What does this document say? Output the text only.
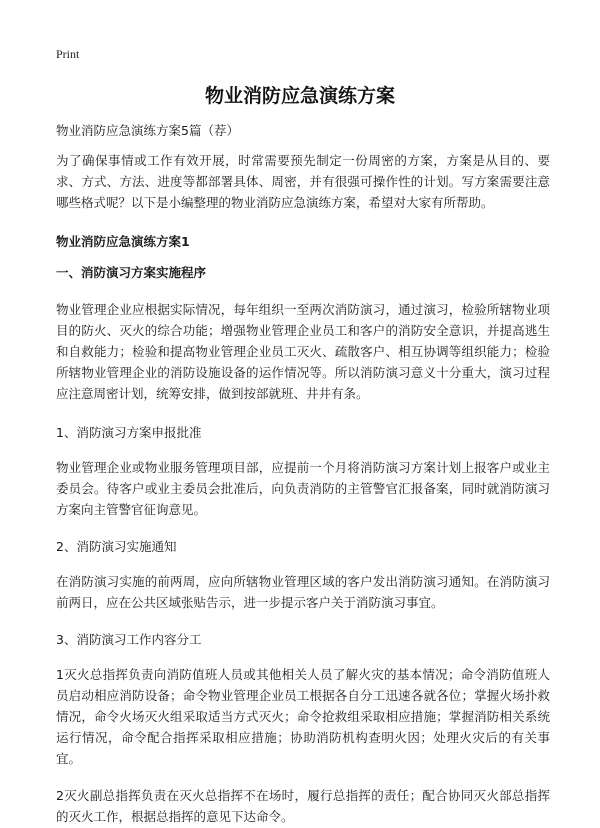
Print
物业消防应急演练方案

物业消防应急演练方案5篇（荐）

为了确保事情或工作有效开展，时常需要预先制定一份周密的方案，方案是从目的、要求、方式、方法、进度等都部署具体、周密，并有很强可操作性的计划。写方案需要注意哪些格式呢？以下是小编整理的物业消防应急演练方案，希望对大家有所帮助。

物业消防应急演练方案1
一、消防演习方案实施程序

物业管理企业应根据实际情况，每年组织一至两次消防演习，通过演习，检验所辖物业项目的防火、灭火的综合功能；增强物业管理企业员工和客户的消防安全意识，并提高逃生和自救能力；检验和提高物业管理企业员工灭火、疏散客户、相互协调等组织能力；检验所辖物业管理企业的消防设施设备的运作情况等。所以消防演习意义十分重大，演习过程应注意周密计划，统筹安排，做到按部就班、井井有条。

1、消防演习方案申报批准

物业管理企业或物业服务管理项目部，应提前一个月将消防演习方案计划上报客户或业主委员会。待客户或业主委员会批准后，向负责消防的主管警官汇报备案，同时就消防演习方案向主管警官征询意见。

2、消防演习实施通知

在消防演习实施的前两周，应向所辖物业管理区域的客户发出消防演习通知。在消防演习前两日，应在公共区域张贴告示，进一步提示客户关于消防演习事宜。

3、消防演习工作内容分工

1灭火总指挥负责向消防值班人员或其他相关人员了解火灾的基本情况；命令消防值班人员启动相应消防设备；命令物业管理企业员工根据各自分工迅速各就各位；掌握火场扑救情况，命令火场灭火组采取适当方式灭火；命令抢救组采取相应措施；掌握消防相关系统运行情况，命令配合指挥采取相应措施；协助消防机构查明火因；处理火灾后的有关事宜。

2灭火副总指挥负责在灭火总指挥不在场时，履行总指挥的责任；配合协同灭火部总指挥的灭火工作，根据总指挥的意见下达命令。
